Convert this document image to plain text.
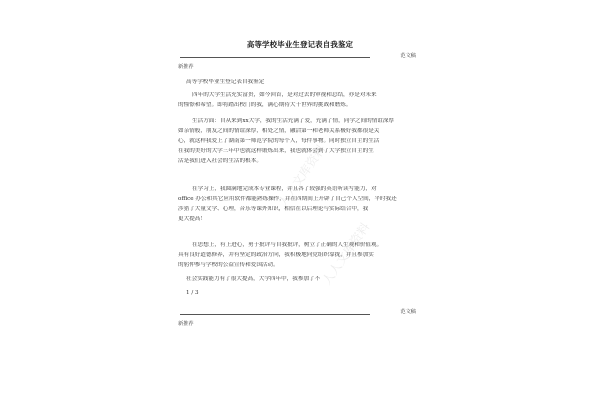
高等学校毕业生登记表自我鉴定
范文稿
新推荐
高等学校毕业生登记表自我鉴定
四年的大学生活充实富贵，如今回首，是对过去的审视和总结，亦是对未来
的憧憬和希望。即将踏出校门的我，满心期待大千世界的挑战和磨炼。
生活方面：自从来到xx大学，我的生活充满了爱，充满了情，同学之间的情谊深厚
如亲情般，朋友之间的情谊深厚，相处之情，融洽第一和老师关系极好我都很是关
心，就这样我爱上了湖南第一师范学院的每个人，每件事物。同时独立自主的生活
在我的美好的大学三年中也就这样锻炼出来，我也就体会到了大学独立自主的生
活是我们进入社会的生活的根本。
在学习上，我圆满地完成本专业课程，并且各了较强的英语听读写能力，对
office 办公和其它应用软件都能熟练操作，并在四期间上开辟了自己个人空间，平时我还
涉猎了大量文学、心理，音乐等课外知识，相信在以后理论与实际结合中，我
更大提高！
在思想上，有上进心，勇于批评与自我批评，树立了正确的人生观和价值观。
具有良好道德修养，并有坚定的政治方向，我积极地向党组织靠拢，并且参加实
的躬仲参与学校的公益宣传和爱国活动。
社会实践能力有了很大提高，大学四年中，我参加了不
1 / 3
范文稿
新推荐
人人文库资料
人人文库资料
